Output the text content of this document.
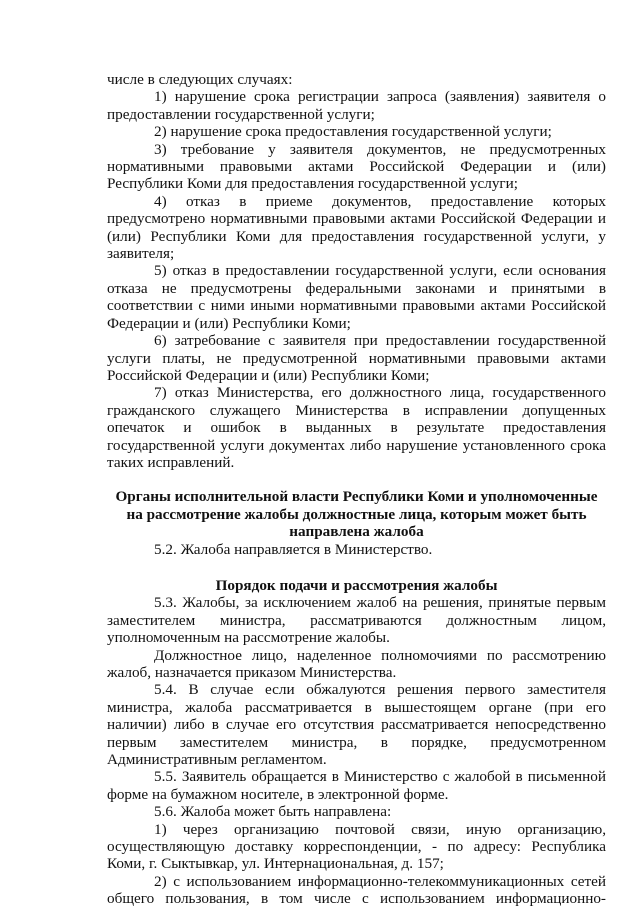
числе в следующих случаях:

1) нарушение срока регистрации запроса (заявления) заявителя о предоставлении государственной услуги;

2) нарушение срока предоставления государственной услуги;

3) требование у заявителя документов, не предусмотренных нормативными правовыми актами Российской Федерации и (или) Республики Коми для предоставления государственной услуги;

4) отказ в приеме документов, предоставление которых предусмотрено нормативными правовыми актами Российской Федерации и (или) Республики Коми для предоставления государственной услуги, у заявителя;

5) отказ в предоставлении государственной услуги, если основания отказа не предусмотрены федеральными законами и принятыми в соответствии с ними иными нормативными правовыми актами Российской Федерации и (или) Республики Коми;

6) затребование с заявителя при предоставлении государственной услуги платы, не предусмотренной нормативными правовыми актами Российской Федерации и (или) Республики Коми;

7) отказ Министерства, его должностного лица, государственного гражданского служащего Министерства в исправлении допущенных опечаток и ошибок в выданных в результате предоставления государственной услуги документах либо нарушение установленного срока таких исправлений.

Органы исполнительной власти Республики Коми и уполномоченные на рассмотрение жалобы должностные лица, которым может быть направлена жалоба

5.2. Жалоба направляется в Министерство.

Порядок подачи и рассмотрения жалобы

5.3. Жалобы, за исключением жалоб на решения, принятые первым заместителем министра, рассматриваются должностным лицом, уполномоченным на рассмотрение жалобы.

Должностное лицо, наделенное полномочиями по рассмотрению жалоб, назначается приказом Министерства.

5.4. В случае если обжалуются решения первого заместителя министра, жалоба рассматривается в вышестоящем органе (при его наличии) либо в случае его отсутствия рассматривается непосредственно первым заместителем министра, в порядке, предусмотренном Административным регламентом.

5.5. Заявитель обращается в Министерство с жалобой в письменной форме на бумажном носителе, в электронной форме.

5.6. Жалоба может быть направлена:

1) через организацию почтовой связи, иную организацию, осуществляющую доставку корреспонденции, - по адресу: Республика Коми, г. Сыктывкар, ул. Интернациональная, д. 157;

2) с использованием информационно-телекоммуникационных сетей общего пользования, в том числе с использованием информационно-
